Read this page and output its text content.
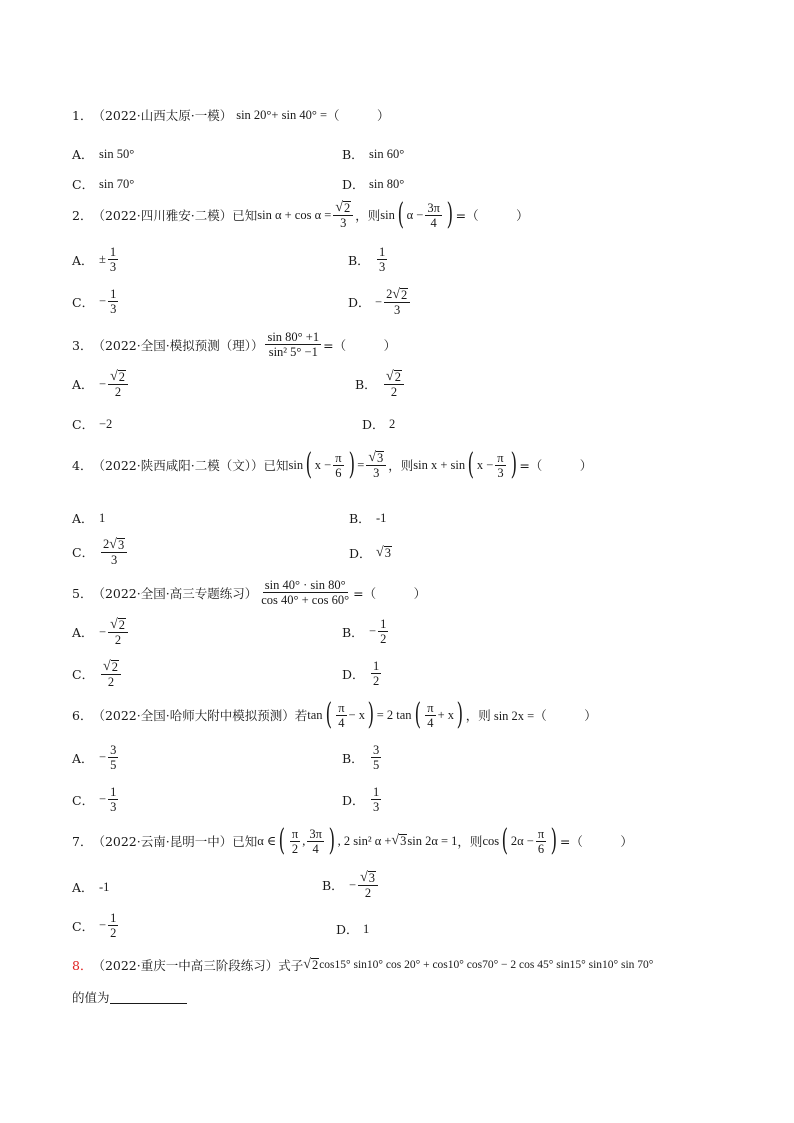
1． （2022·山西太原·一模） sin 20°+ sin 40° = （　　　）
A． sin 50°	B． sin 60°
C． sin 70°	D． sin 80°
2． （2022·四川雅安·二模） 已知 $\sin \alpha + \cos \alpha = \frac{√ 2}{3}$ ，则 sin ( $\alpha - \frac{3\pi}{4}$ ) =（　　　）
A． ± $\frac{1}{3}$	B． $\frac{1}{3}$
C． − $\frac{1}{3}$	D． − $\frac{2 √ 2}{3}$
3． （2022·全国·模拟预测（理）） $\frac{\sin 80^\circ +1}{\text{sin² 5° −1}}$ =（　　　）
A． − $\frac{√ 2}{2}$	B． $\frac{√ 2}{2}$
C． −2	D． 2
4． （2022·陕西咸阳·二模（文）） 已知 sin ( $x - \frac{\pi}{6}$ ) = $\frac{√ 3}{3}$ ，则 sin x + sin ( $x - \frac{\pi}{3}$ ) =（　　　）
A． 1	B． -1
C． $\frac{2 √ 3}{3}$	D． √ 3
5． （2022·全国·高三专题练习） $\frac{\sin 40^\circ \cdot \sin 80^\circ}{\cos 40^\circ + \cos 60^\circ}$ =（　　　）
A． − $\frac{√ 2}{2}$	B． − $\frac{1}{2}$
C． $\frac{√ 2}{2}$	D． $\frac{1}{2}$
6． （2022·全国·哈师大附中模拟预测） 若 tan ( $\frac{\pi}{4} - x$ ) = 2 tan ( $\frac{\pi}{4} + x$ ) ，则 sin 2x = （　　　）
A． − $\frac{3}{5}$	B． $\frac{3}{5}$
C． − $\frac{1}{3}$	D． $\frac{1}{3}$
7． （2022·云南·昆明一中） 已知 α ∈ ( $\frac{\pi}{2}$ , $\frac{3\pi}{4}$ ) , 2 sin² α + √ 3 sin 2α = 1 ，则 cos ( $2\alpha - \frac{\pi}{6}$ ) =（　　　）
A． -1	B． − $\frac{√ 3}{2}$
C． − $\frac{1}{2}$	D． 1
8． （2022·重庆一中高三阶段练习） 式子 √ 2 cos15° sin10° cos 20° + cos10° cos70° − 2 cos 45° sin15° sin10° sin 70°
的值为
